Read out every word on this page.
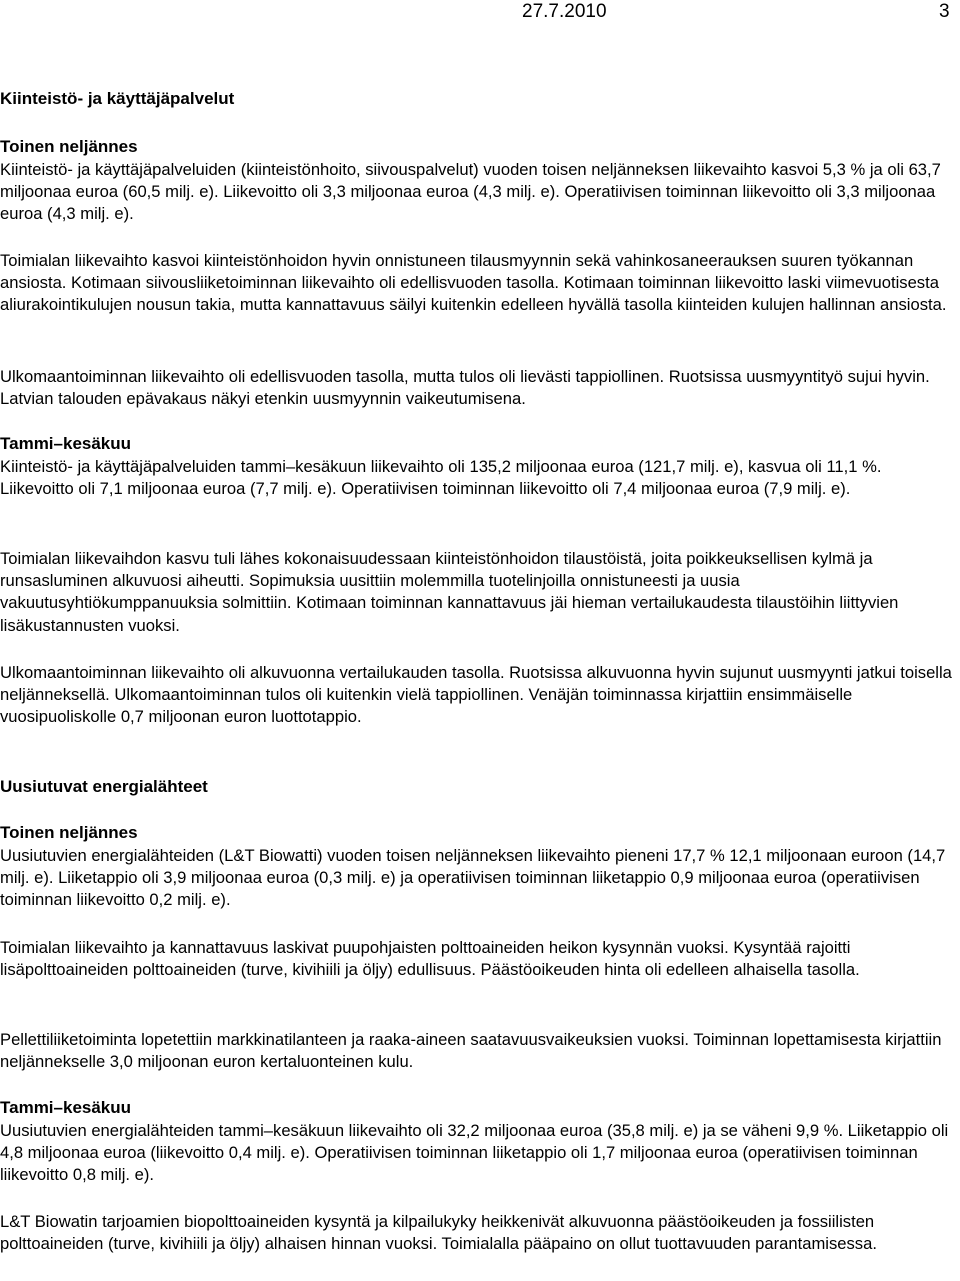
27.7.2010	3
Kiinteistö- ja käyttäjäpalvelut
Toinen neljännes

Kiinteistö- ja käyttäjäpalveluiden (kiinteistönhoito, siivouspalvelut) vuoden toisen neljänneksen liikevaihto kasvoi 5,3 % ja oli 63,7 miljoonaa euroa (60,5 milj. e). Liikevoitto oli 3,3 miljoonaa euroa (4,3 milj. e). Operatiivisen toiminnan liikevoitto oli 3,3 miljoonaa euroa (4,3 milj. e).

Toimialan liikevaihto kasvoi kiinteistönhoidon hyvin onnistuneen tilausmyynnin sekä vahinkosaneerauksen suuren työkannan ansiosta. Kotimaan siivousliiketoiminnan liikevaihto oli edellisvuoden tasolla. Kotimaan toiminnan liikevoitto laski viimevuotisesta aliurakointikulujen nousun takia, mutta kannattavuus säilyi kuitenkin edelleen hyvällä tasolla kiinteiden kulujen hallinnan ansiosta.

Ulkomaantoiminnan liikevaihto oli edellisvuoden tasolla, mutta tulos oli lievästi tappiollinen. Ruotsissa uusmyyntityö sujui hyvin. Latvian talouden epävakaus näkyi etenkin uusmyynnin vaikeutumisena.

Tammi–kesäkuu

Kiinteistö- ja käyttäjäpalveluiden tammi–kesäkuun liikevaihto oli 135,2 miljoonaa euroa (121,7 milj. e), kasvua oli 11,1 %. Liikevoitto oli 7,1 miljoonaa euroa (7,7 milj. e). Operatiivisen toiminnan liikevoitto oli 7,4 miljoonaa euroa (7,9 milj. e).

Toimialan liikevaihdon kasvu tuli lähes kokonaisuudessaan kiinteistönhoidon tilaustöistä, joita poikkeuksellisen kylmä ja runsasluminen alkuvuosi aiheutti. Sopimuksia uusittiin molemmilla tuotelinjoilla onnistuneesti ja uusia vakuutusyhtiökumppanuuksia solmittiin. Kotimaan toiminnan kannattavuus jäi hieman vertailukaudesta tilaustöihin liittyvien lisäkustannusten vuoksi.

Ulkomaantoiminnan liikevaihto oli alkuvuonna vertailukauden tasolla. Ruotsissa alkuvuonna hyvin sujunut uusmyynti jatkui toisella neljänneksellä. Ulkomaantoiminnan tulos oli kuitenkin vielä tappiollinen. Venäjän toiminnassa kirjattiin ensimmäiselle vuosipuoliskolle 0,7 miljoonan euron luottotappio.

Uusiutuvat energialähteet
Toinen neljännes

Uusiutuvien energialähteiden (L&T Biowatti) vuoden toisen neljänneksen liikevaihto pieneni 17,7 % 12,1 miljoonaan euroon (14,7 milj. e). Liiketappio oli 3,9 miljoonaa euroa (0,3 milj. e) ja operatiivisen toiminnan liiketappio 0,9 miljoonaa euroa (operatiivisen toiminnan liikevoitto 0,2 milj. e).

Toimialan liikevaihto ja kannattavuus laskivat puupohjaisten polttoaineiden heikon kysynnän vuoksi. Kysyntää rajoitti lisäpolttoaineiden polttoaineiden (turve, kivihiili ja öljy) edullisuus. Päästöoikeuden hinta oli edelleen alhaisella tasolla.

Pellettiliiketoiminta lopetettiin markkinatilanteen ja raaka-aineen saatavuusvaikeuksien vuoksi. Toiminnan lopettamisesta kirjattiin neljännekselle 3,0 miljoonan euron kertaluonteinen kulu.

Tammi–kesäkuu

Uusiutuvien energialähteiden tammi–kesäkuun liikevaihto oli 32,2 miljoonaa euroa (35,8 milj. e) ja se väheni 9,9 %. Liiketappio oli 4,8 miljoonaa euroa (liikevoitto 0,4 milj. e). Operatiivisen toiminnan liiketappio oli 1,7 miljoonaa euroa (operatiivisen toiminnan liikevoitto 0,8 milj. e).

L&T Biowatin tarjoamien biopolttoaineiden kysyntä ja kilpailukyky heikkenivät alkuvuonna päästöoikeuden ja fossiilisten polttoaineiden (turve, kivihiili ja öljy) alhaisen hinnan vuoksi. Toimialalla pääpaino on ollut tuottavuuden parantamisessa.
